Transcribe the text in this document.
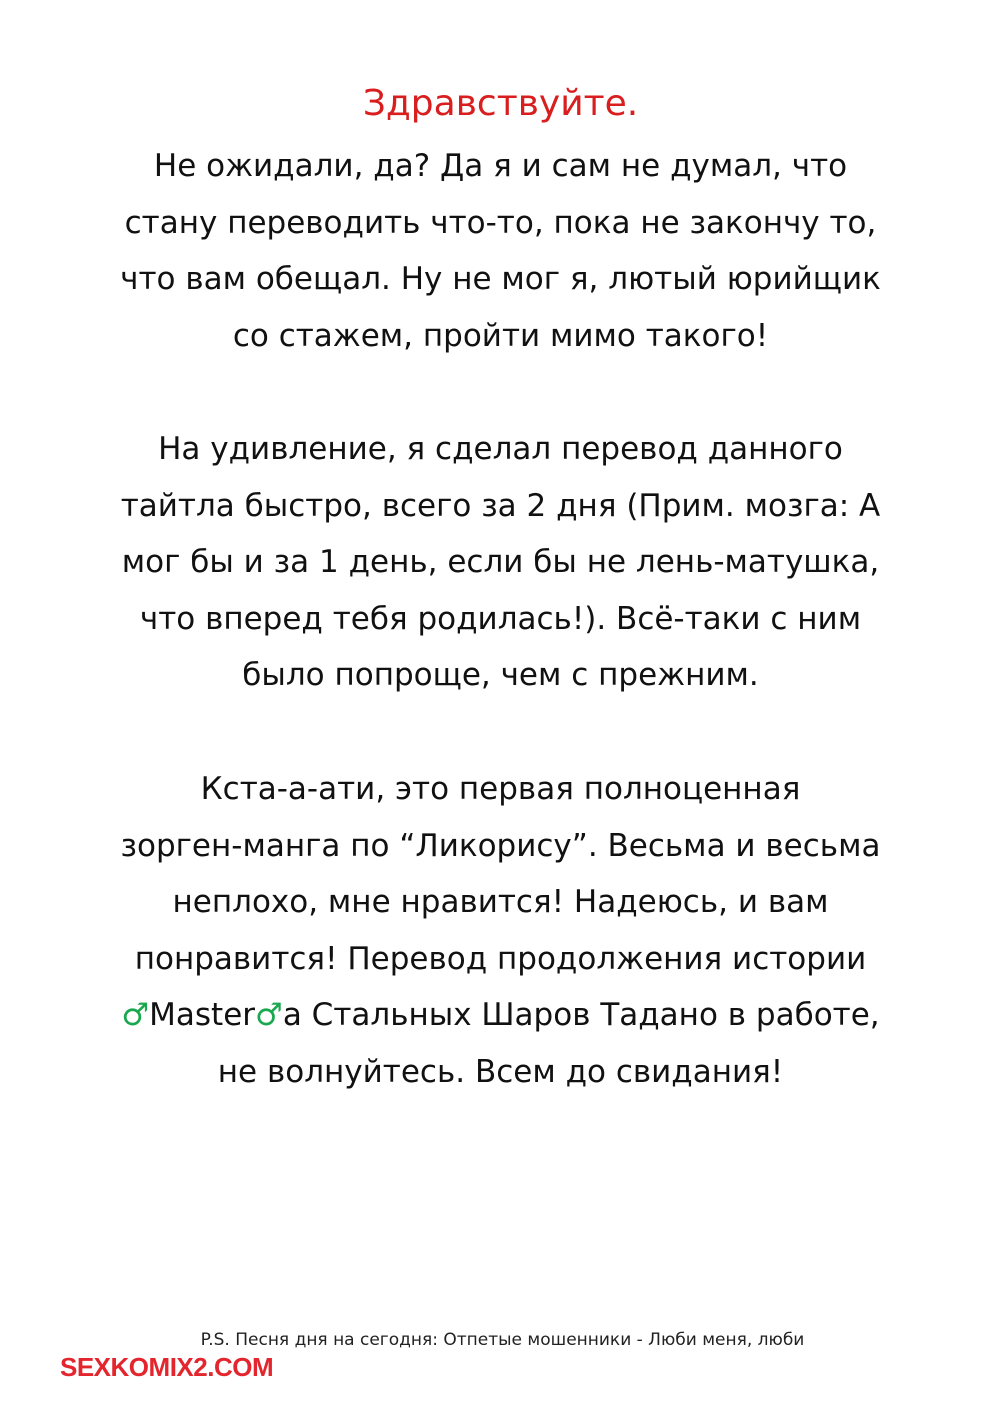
Здравствуйте.
Не ожидали, да? Да я и сам не думал, что
стану переводить что-то, пока не закончу то,
что вам обещал. Ну не мог я, лютый юрийщик
со стажем, пройти мимо такого!
На удивление, я сделал перевод данного
тайтла быстро, всего за 2 дня (Прим. мозга: А
мог бы и за 1 день, если бы не лень-матушка,
что вперед тебя родилась!). Всё-таки с ним
было попроще, чем с прежним.
Кста-а-ати, это первая полноценная
зорген-манга по “Ликорису”. Весьма и весьма
неплохо, мне нравится! Надеюсь, и вам
понравится! Перевод продолжения истории
♂Master♂а Стальных Шаров Тадано в работе,
не волнуйтесь. Всем до свидания!
P.S. Песня дня на сегодня: Отпетые мошенники - Люби меня, люби
SEXKOMIX2.COM
